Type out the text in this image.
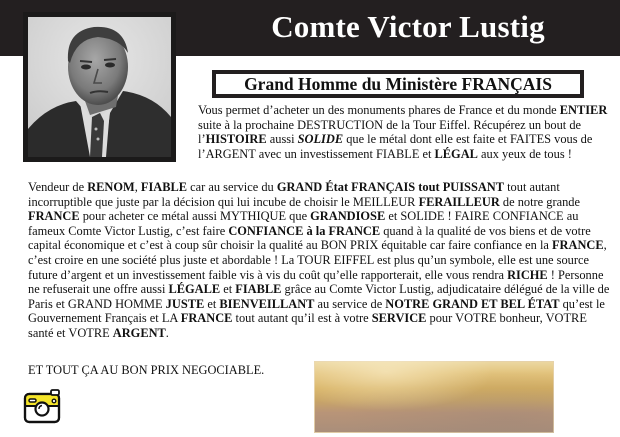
Comte Victor Lustig
Grand Homme du Ministère FRANÇAIS
Vous permet d’acheter un des monuments phares de France et du monde ENTIER suite à la prochaine DESTRUCTION de la Tour Eiffel. Récupérez un bout de l’HISTOIRE aussi SOLIDE que le métal dont elle est faite et FAITES vous de l’ARGENT avec un investissement FIABLE et LÉGAL aux yeux de tous !
Vendeur de RENOM, FIABLE car au service du GRAND État FRANÇAIS tout PUISSANT tout autant incorruptible que juste par la décision qui lui incube de choisir le MEILLEUR FERAILLEUR de notre grande FRANCE pour acheter ce métal aussi MYTHIQUE que GRANDIOSE et SOLIDE ! FAIRE CONFIANCE au fameux Comte Victor Lustig, c’est faire CONFIANCE à la FRANCE quand à la qualité de vos biens et de votre capital économique et c’est à coup sûr choisir la qualité au BON PRIX équitable car faire confiance en la FRANCE, c’est croire en une société plus juste et abordable ! La TOUR EIFFEL est plus qu’un symbole, elle est une source future d’argent et un investissement faible vis à vis du coût qu’elle rapporterait, elle vous rendra RICHE ! Personne ne refuserait une offre aussi LÉGALE et FIABLE grâce au Comte Victor Lustig, adjudicataire délégué de la ville de Paris et GRAND HOMME JUSTE et BIENVEILLANT au service de NOTRE GRAND ET BEL ÉTAT qu’est le Gouvernement Français et LA FRANCE tout autant qu’il est à votre SERVICE pour VOTRE bonheur, VOTRE santé et VOTRE ARGENT.
ET TOUT ÇA AU BON PRIX NEGOCIABLE.
